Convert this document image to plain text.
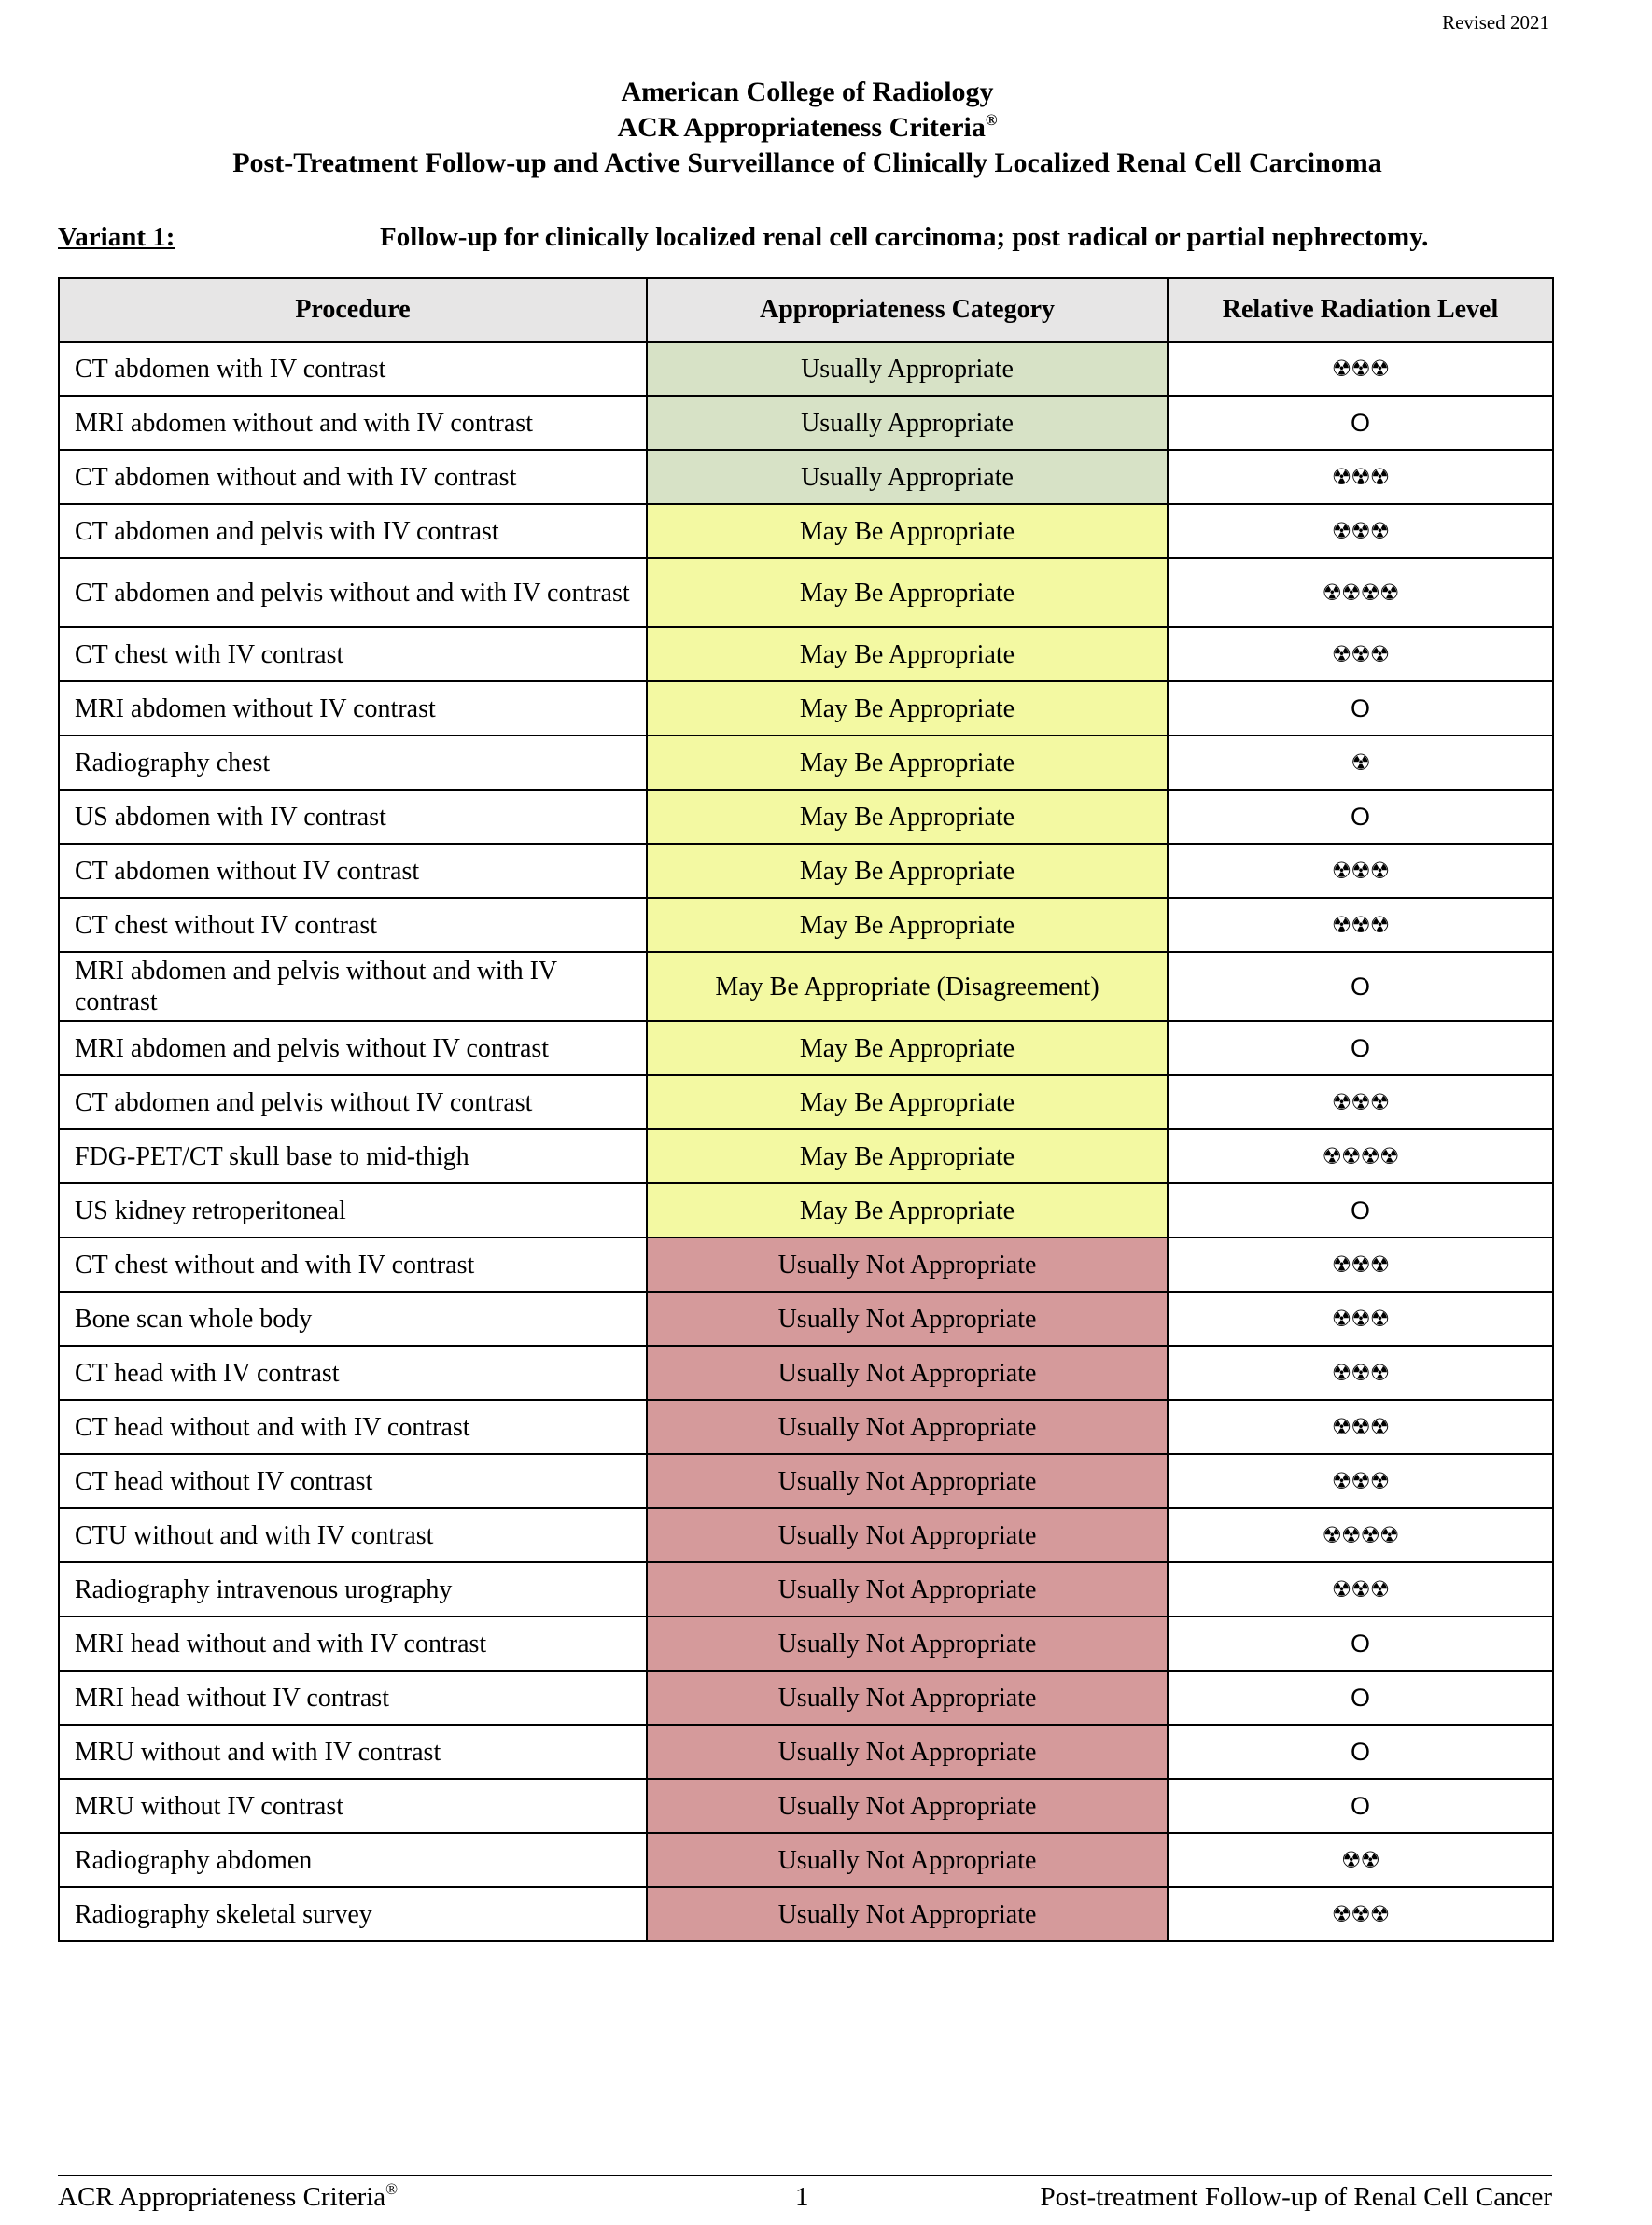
Revised 2021
American College of Radiology
ACR Appropriateness Criteria®
Post-Treatment Follow-up and Active Surveillance of Clinically Localized Renal Cell Carcinoma
Variant 1:	Follow-up for clinically localized renal cell carcinoma; post radical or partial nephrectomy.
Procedure	Appropriateness Category	Relative Radiation Level
CT abdomen with IV contrast	Usually Appropriate	☢☢☢
MRI abdomen without and with IV contrast	Usually Appropriate	O
CT abdomen without and with IV contrast	Usually Appropriate	☢☢☢
CT abdomen and pelvis with IV contrast	May Be Appropriate	☢☢☢
CT abdomen and pelvis without and with IV contrast	May Be Appropriate	☢☢☢☢
CT chest with IV contrast	May Be Appropriate	☢☢☢
MRI abdomen without IV contrast	May Be Appropriate	O
Radiography chest	May Be Appropriate	☢
US abdomen with IV contrast	May Be Appropriate	O
CT abdomen without IV contrast	May Be Appropriate	☢☢☢
CT chest without IV contrast	May Be Appropriate	☢☢☢
MRI abdomen and pelvis without and with IV contrast	May Be Appropriate (Disagreement)	O
MRI abdomen and pelvis without IV contrast	May Be Appropriate	O
CT abdomen and pelvis without IV contrast	May Be Appropriate	☢☢☢
FDG-PET/CT skull base to mid-thigh	May Be Appropriate	☢☢☢☢
US kidney retroperitoneal	May Be Appropriate	O
CT chest without and with IV contrast	Usually Not Appropriate	☢☢☢
Bone scan whole body	Usually Not Appropriate	☢☢☢
CT head with IV contrast	Usually Not Appropriate	☢☢☢
CT head without and with IV contrast	Usually Not Appropriate	☢☢☢
CT head without IV contrast	Usually Not Appropriate	☢☢☢
CTU without and with IV contrast	Usually Not Appropriate	☢☢☢☢
Radiography intravenous urography	Usually Not Appropriate	☢☢☢
MRI head without and with IV contrast	Usually Not Appropriate	O
MRI head without IV contrast	Usually Not Appropriate	O
MRU without and with IV contrast	Usually Not Appropriate	O
MRU without IV contrast	Usually Not Appropriate	O
Radiography abdomen	Usually Not Appropriate	☢☢
Radiography skeletal survey	Usually Not Appropriate	☢☢☢
ACR Appropriateness Criteria®	1	Post-treatment Follow-up of Renal Cell Cancer
